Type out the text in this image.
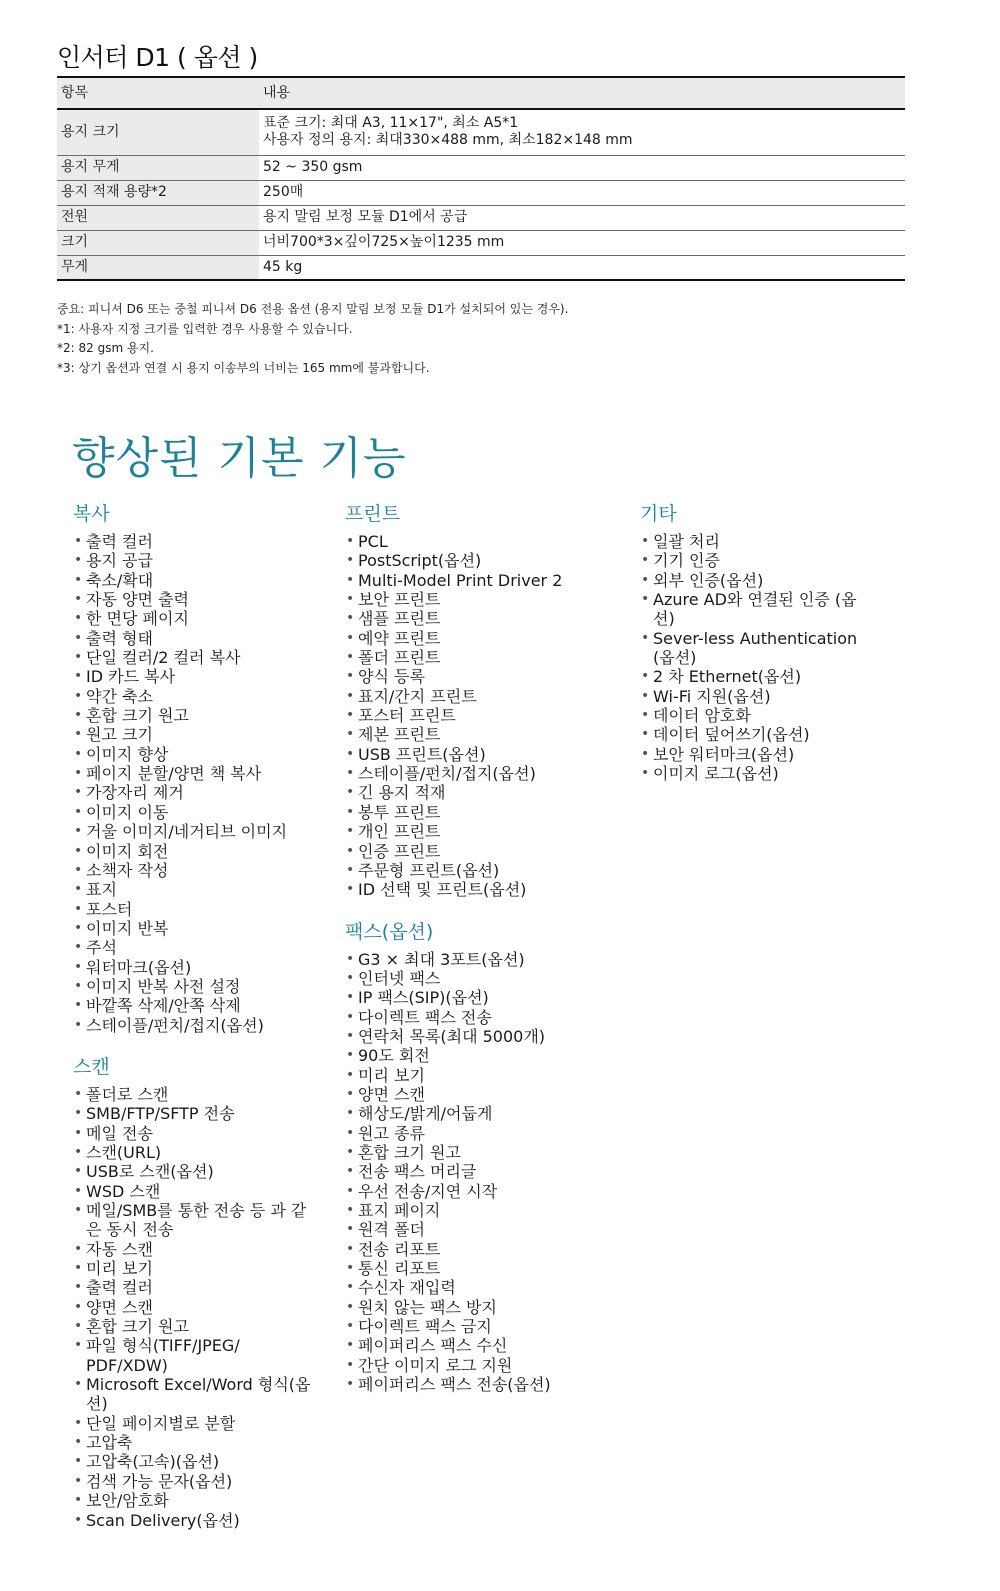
인서터 D1 ( 옵션 )
항목	내용
용지 크기	표준 크기: 최대 A3, 11×17", 최소 A5*1
사용자 정의 용지: 최대330×488 mm, 최소182×148 mm

용지 무게	52 ~ 350 gsm

용지 적재 용량*2	250매

전원	용지 말림 보정 모듈 D1에서 공급

크기	너비700*3×깊이725×높이1235 mm

무게	45 kg
중요: 피니셔 D6 또는 중철 피니셔 D6 전용 옵션 (용지 말림 보정 모듈 D1가 설치되어 있는 경우).
*1: 사용자 지정 크기를 입력한 경우 사용할 수 있습니다.
*2: 82 gsm 용지.
*3: 상기 옵션과 연결 시 용지 이송부의 너비는 165 mm에 불과합니다.
향상된 기본 기능
복사
• 출력 컬러
• 용지 공급
• 축소/확대
• 자동 양면 출력
• 한 면당 페이지
• 출력 형태
• 단일 컬러/2 컬러 복사
• ID 카드 복사
• 약간 축소
• 혼합 크기 원고
• 원고 크기
• 이미지 향상
• 페이지 분할/양면 책 복사
• 가장자리 제거
• 이미지 이동
• 거울 이미지/네거티브 이미지
• 이미지 회전
• 소책자 작성
• 표지
• 포스터
• 이미지 반복
• 주석
• 워터마크(옵션)
• 이미지 반복 사전 설정
• 바깥쪽 삭제/안쪽 삭제
• 스테이플/펀치/접지(옵션)
스캔
• 폴더로 스캔
• SMB/FTP/SFTP 전송
• 메일 전송
• 스캔(URL)
• USB로 스캔(옵션)
• WSD 스캔
• 메일/SMB를 통한 전송 등 과 같은 동시 전송
• 자동 스캔
• 미리 보기
• 출력 컬러
• 양면 스캔
• 혼합 크기 원고
• 파일 형식(TIFF/JPEG/ PDF/XDW)
• Microsoft Excel/Word 형식(옵션)
• 단일 페이지별로 분할
• 고압축
• 고압축(고속)(옵션)
• 검색 가능 문자(옵션)
• 보안/암호화
• Scan Delivery(옵션)
프린트
• PCL
• PostScript(옵션)
• Multi-Model Print Driver 2
• 보안 프린트
• 샘플 프린트
• 예약 프린트
• 폴더 프린트
• 양식 등록
• 표지/간지 프린트
• 포스터 프린트
• 제본 프린트
• USB 프린트(옵션)
• 스테이플/펀치/접지(옵션)
• 긴 용지 적재
• 봉투 프린트
• 개인 프린트
• 인증 프린트
• 주문형 프린트(옵션)
• ID 선택 및 프린트(옵션)
팩스(옵션)
• G3 × 최대 3포트(옵션)
• 인터넷 팩스
• IP 팩스(SIP)(옵션)
• 다이렉트 팩스 전송
• 연락처 목록(최대 5000개)
• 90도 회전
• 미리 보기
• 양면 스캔
• 해상도/밝게/어둡게
• 원고 종류
• 혼합 크기 원고
• 전송 팩스 머리글
• 우선 전송/지연 시작
• 표지 페이지
• 원격 폴더
• 전송 리포트
• 통신 리포트
• 수신자 재입력
• 원치 않는 팩스 방지
• 다이렉트 팩스 금지
• 페이퍼리스 팩스 수신
• 간단 이미지 로그 지원
• 페이퍼리스 팩스 전송(옵션)
기타
• 일괄 처리
• 기기 인증
• 외부 인증(옵션)
• Azure AD와 연결된 인증 (옵션)
• Sever-less Authentication (옵션)
• 2 차 Ethernet(옵션)
• Wi-Fi 지원(옵션)
• 데이터 암호화
• 데이터 덮어쓰기(옵션)
• 보안 워터마크(옵션)
• 이미지 로그(옵션)
